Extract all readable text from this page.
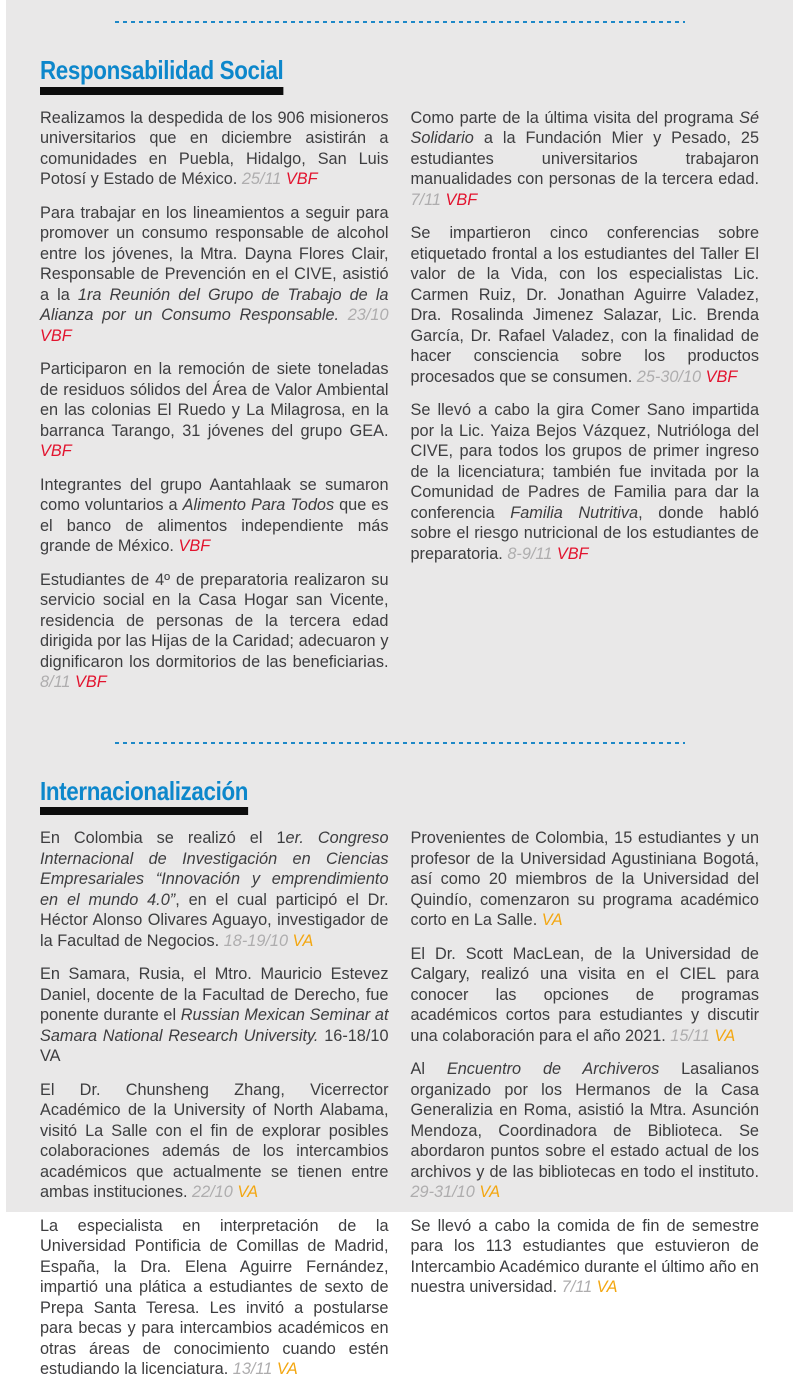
Responsabilidad Social

Realizamos la despedida de los 906 misioneros universitarios que en diciembre asistirán a comunidades en Puebla, Hidalgo, San Luis Potosí y Estado de México. 25/11 VBF

Para trabajar en los lineamientos a seguir para promover un consumo responsable de alcohol entre los jóvenes, la Mtra. Dayna Flores Clair, Responsable de Prevención en el CIVE, asistió a la 1ra Reunión del Grupo de Trabajo de la Alianza por un Consumo Responsable. 23/10 VBF

Participaron en la remoción de siete toneladas de residuos sólidos del Área de Valor Ambiental en las colonias El Ruedo y La Milagrosa, en la barranca Tarango, 31 jóvenes del grupo GEA. VBF

Integrantes del grupo Aantahlaak se sumaron como voluntarios a Alimento Para Todos que es el banco de alimentos independiente más grande de México. VBF

Estudiantes de 4º de preparatoria realizaron su servicio social en la Casa Hogar san Vicente, residencia de personas de la tercera edad dirigida por las Hijas de la Caridad; adecuaron y dignificaron los dormitorios de las beneficiarias. 8/11 VBF

Como parte de la última visita del programa Sé Solidario a la Fundación Mier y Pesado, 25 estudiantes universitarios trabajaron manualidades con personas de la tercera edad. 7/11 VBF

Se impartieron cinco conferencias sobre etiquetado frontal a los estudiantes del Taller El valor de la Vida, con los especialistas Lic. Carmen Ruiz, Dr. Jonathan Aguirre Valadez, Dra. Rosalinda Jimenez Salazar, Lic. Brenda García, Dr. Rafael Valadez, con la finalidad de hacer consciencia sobre los productos procesados que se consumen. 25-30/10 VBF

Se llevó a cabo la gira Comer Sano impartida por la Lic. Yaiza Bejos Vázquez, Nutrióloga del CIVE, para todos los grupos de primer ingreso de la licenciatura; también fue invitada por la Comunidad de Padres de Familia para dar la conferencia Familia Nutritiva, donde habló sobre el riesgo nutricional de los estudiantes de preparatoria. 8-9/11 VBF

Internacionalización

En Colombia se realizó el 1er. Congreso Internacional de Investigación en Ciencias Empresariales “Innovación y emprendimiento en el mundo 4.0”, en el cual participó el Dr. Héctor Alonso Olivares Aguayo, investigador de la Facultad de Negocios. 18-19/10 VA

En Samara, Rusia, el Mtro. Mauricio Estevez Daniel, docente de la Facultad de Derecho, fue ponente durante el Russian Mexican Seminar at Samara National Research University. 16-18/10 VA

El Dr. Chunsheng Zhang, Vicerrector Académico de la University of North Alabama, visitó La Salle con el fin de explorar posibles colaboraciones además de los intercambios académicos que actualmente se tienen entre ambas instituciones. 22/10 VA

La especialista en interpretación de la Universidad Pontificia de Comillas de Madrid, España, la Dra. Elena Aguirre Fernández, impartió una plática a estudiantes de sexto de Prepa Santa Teresa. Les invitó a postularse para becas y para intercambios académicos en otras áreas de conocimiento cuando estén estudiando la licenciatura. 13/11 VA

Provenientes de Colombia, 15 estudiantes y un profesor de la Universidad Agustiniana Bogotá, así como 20 miembros de la Universidad del Quindío, comenzaron su programa académico corto en La Salle. VA

El Dr. Scott MacLean, de la Universidad de Calgary, realizó una visita en el CIEL para conocer las opciones de programas académicos cortos para estudiantes y discutir una colaboración para el año 2021. 15/11 VA

Al Encuentro de Archiveros Lasalianos organizado por los Hermanos de la Casa Generalizia en Roma, asistió la Mtra. Asunción Mendoza, Coordinadora de Biblioteca. Se abordaron puntos sobre el estado actual de los archivos y de las bibliotecas en todo el instituto. 29-31/10 VA

Se llevó a cabo la comida de fin de semestre para los 113 estudiantes que estuvieron de Intercambio Académico durante el último año en nuestra universidad. 7/11 VA
